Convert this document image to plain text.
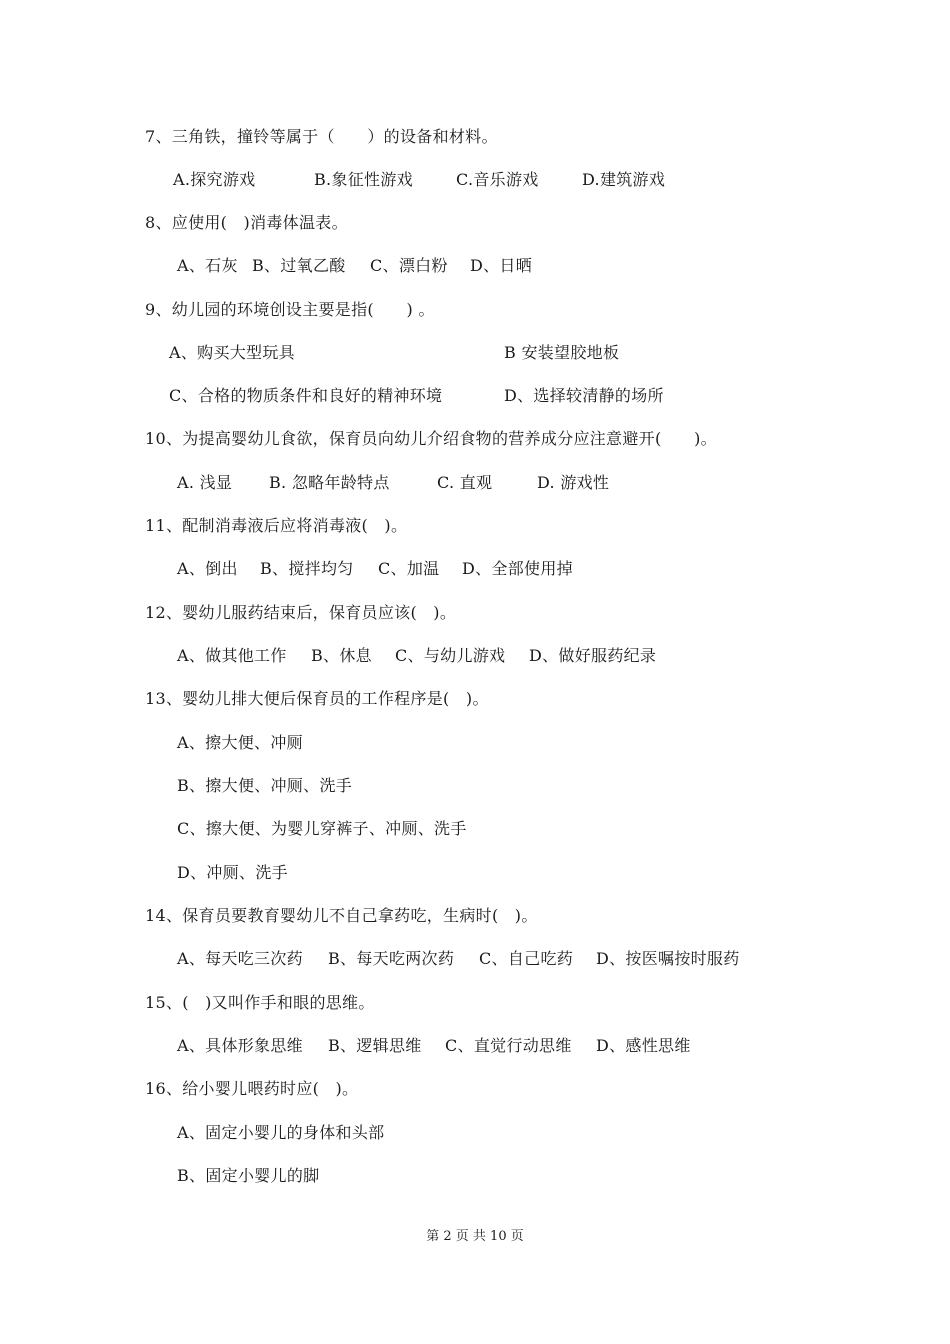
7、三角铁，撞铃等属于（　　）的设备和材料。
A.探究游戏	B.象征性游戏	C.音乐游戏	D.建筑游戏
8、应使用(　)消毒体温表。
A、石灰 B、过氧乙酸 C、漂白粉 D、日晒
9、幼儿园的环境创设主要是指(　　) 。
A、购买大型玩具	B 安装望胶地板
C、合格的物质条件和良好的精神环境	D、选择较清静的场所
10、为提高婴幼儿食欲，保育员向幼儿介绍食物的营养成分应注意避开(　　)。
A. 浅显 B. 忽略年龄特点	C. 直观	D. 游戏性
11、配制消毒液后应将消毒液(　)。
A、倒出 B、搅拌均匀 C、加温 D、全部使用掉
12、婴幼儿服药结束后，保育员应该(　)。
A、做其他工作 B、休息 C、与幼儿游戏 D、做好服药纪录
13、婴幼儿排大便后保育员的工作程序是(　)。
A、擦大便、冲厕
B、擦大便、冲厕、洗手
C、擦大便、为婴儿穿裤子、冲厕、洗手
D、冲厕、洗手
14、保育员要教育婴幼儿不自己拿药吃，生病时(　)。
A、每天吃三次药 B、每天吃两次药 C、自己吃药 D、按医嘱按时服药
15、(　)又叫作手和眼的思维。
A、具体形象思维 B、逻辑思维 C、直觉行动思维 D、感性思维
16、给小婴儿喂药时应(　)。
A、固定小婴儿的身体和头部
B、固定小婴儿的脚
第 2 页 共 10 页
